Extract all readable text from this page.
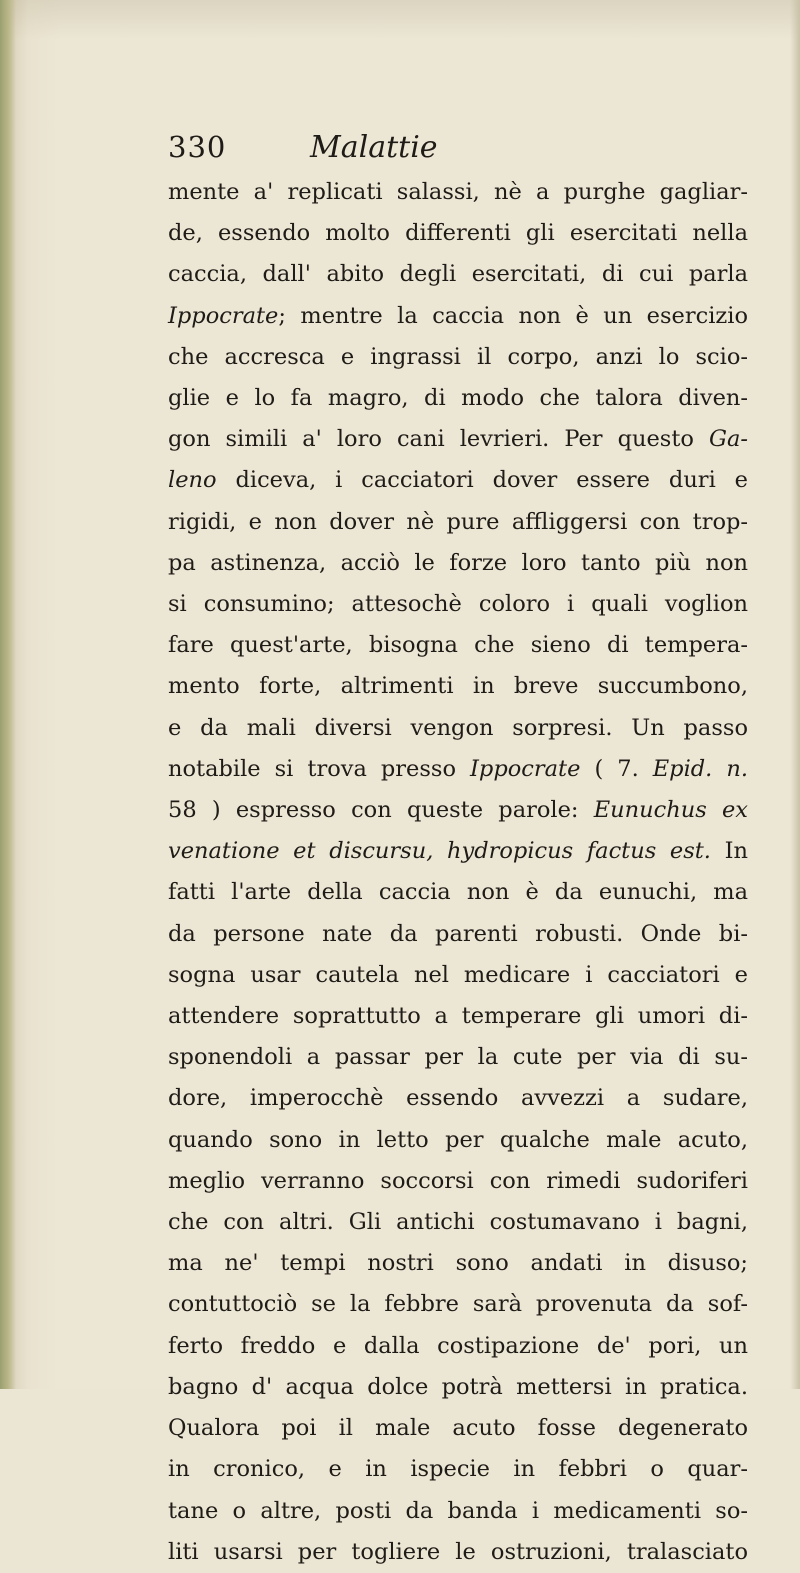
330	Malattie
mente a' replicati salassi, nè a purghe gagliar-
de, essendo molto differenti gli esercitati nella
caccia, dall' abito degli esercitati, di cui parla
Ippocrate; mentre la caccia non è un esercizio
che accresca e ingrassi il corpo, anzi lo scio-
glie e lo fa magro, di modo che talora diven-
gon simili a' loro cani levrieri. Per questo Ga-
leno diceva, i cacciatori dover essere duri e
rigidi, e non dover nè pure affliggersi con trop-
pa astinenza, acciò le forze loro tanto più non
si consumino; attesochè coloro i quali voglion
fare quest'arte, bisogna che sieno di tempera-
mento forte, altrimenti in breve succumbono,
e da mali diversi vengon sorpresi. Un passo
notabile si trova presso Ippocrate ( 7. Epid. n.
58 ) espresso con queste parole: Eunuchus ex
venatione et discursu, hydropicus factus est. In
fatti l'arte della caccia non è da eunuchi, ma
da persone nate da parenti robusti. Onde bi-
sogna usar cautela nel medicare i cacciatori e
attendere soprattutto a temperare gli umori di-
sponendoli a passar per la cute per via di su-
dore, imperocchè essendo avvezzi a sudare,
quando sono in letto per qualche male acuto,
meglio verranno soccorsi con rimedi sudoriferi
che con altri. Gli antichi costumavano i bagni,
ma ne' tempi nostri sono andati in disuso;
contuttociò se la febbre sarà provenuta da sof-
ferto freddo e dalla costipazione de' pori, un
bagno d' acqua dolce potrà mettersi in pratica.
Qualora poi il male acuto fosse degenerato
in cronico, e in ispecie in febbri o quar-
tane o altre, posti da banda i medicamenti so-
liti usarsi per togliere le ostruzioni, tralasciato
